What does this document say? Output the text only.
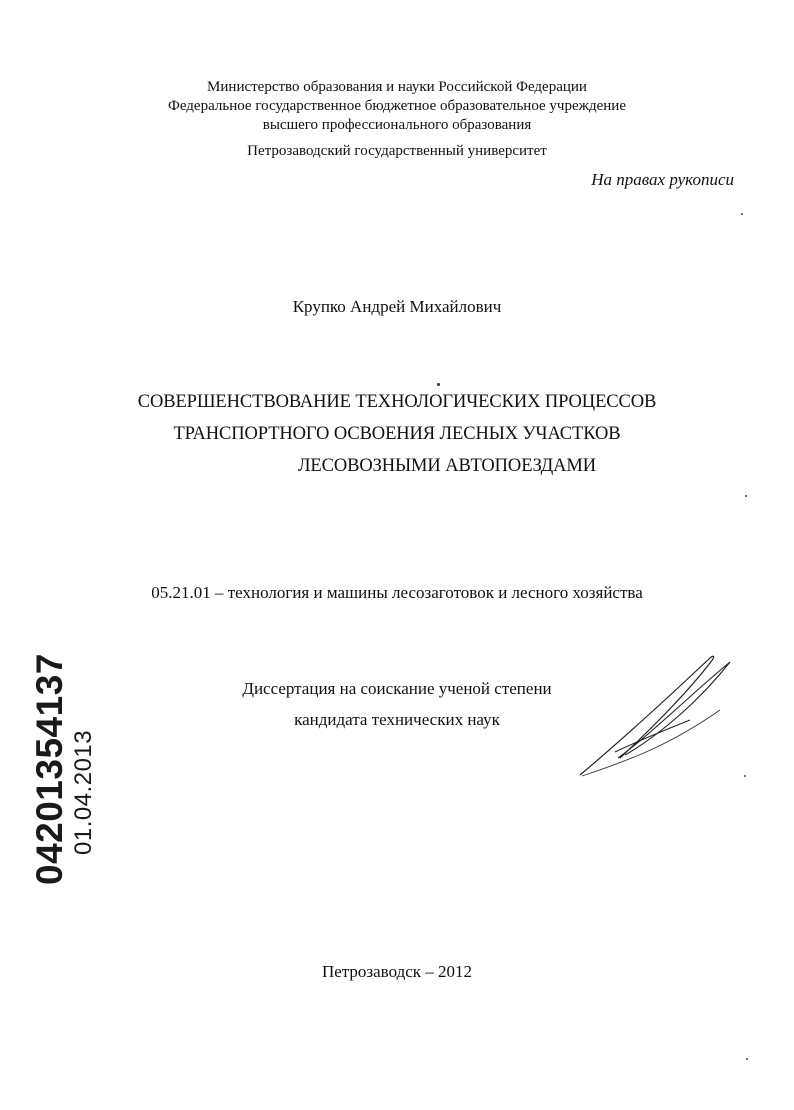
Министерство образования и науки Российской Федерации
Федеральное государственное бюджетное образовательное учреждение
высшего профессионального образования
Петрозаводский государственный университет
На правах рукописи
Крупко Андрей Михайлович
СОВЕРШЕНСТВОВАНИЕ ТЕХНОЛОГИЧЕСКИХ ПРОЦЕССОВ
ТРАНСПОРТНОГО ОСВОЕНИЯ ЛЕСНЫХ УЧАСТКОВ
ЛЕСОВОЗНЫМИ АВТОПОЕЗДАМИ
05.21.01 – технология и машины лесозаготовок и лесного хозяйства
Диссертация на соискание ученой степени
кандидата технических наук
Петрозаводск – 2012
04201354137 01.04.2013
